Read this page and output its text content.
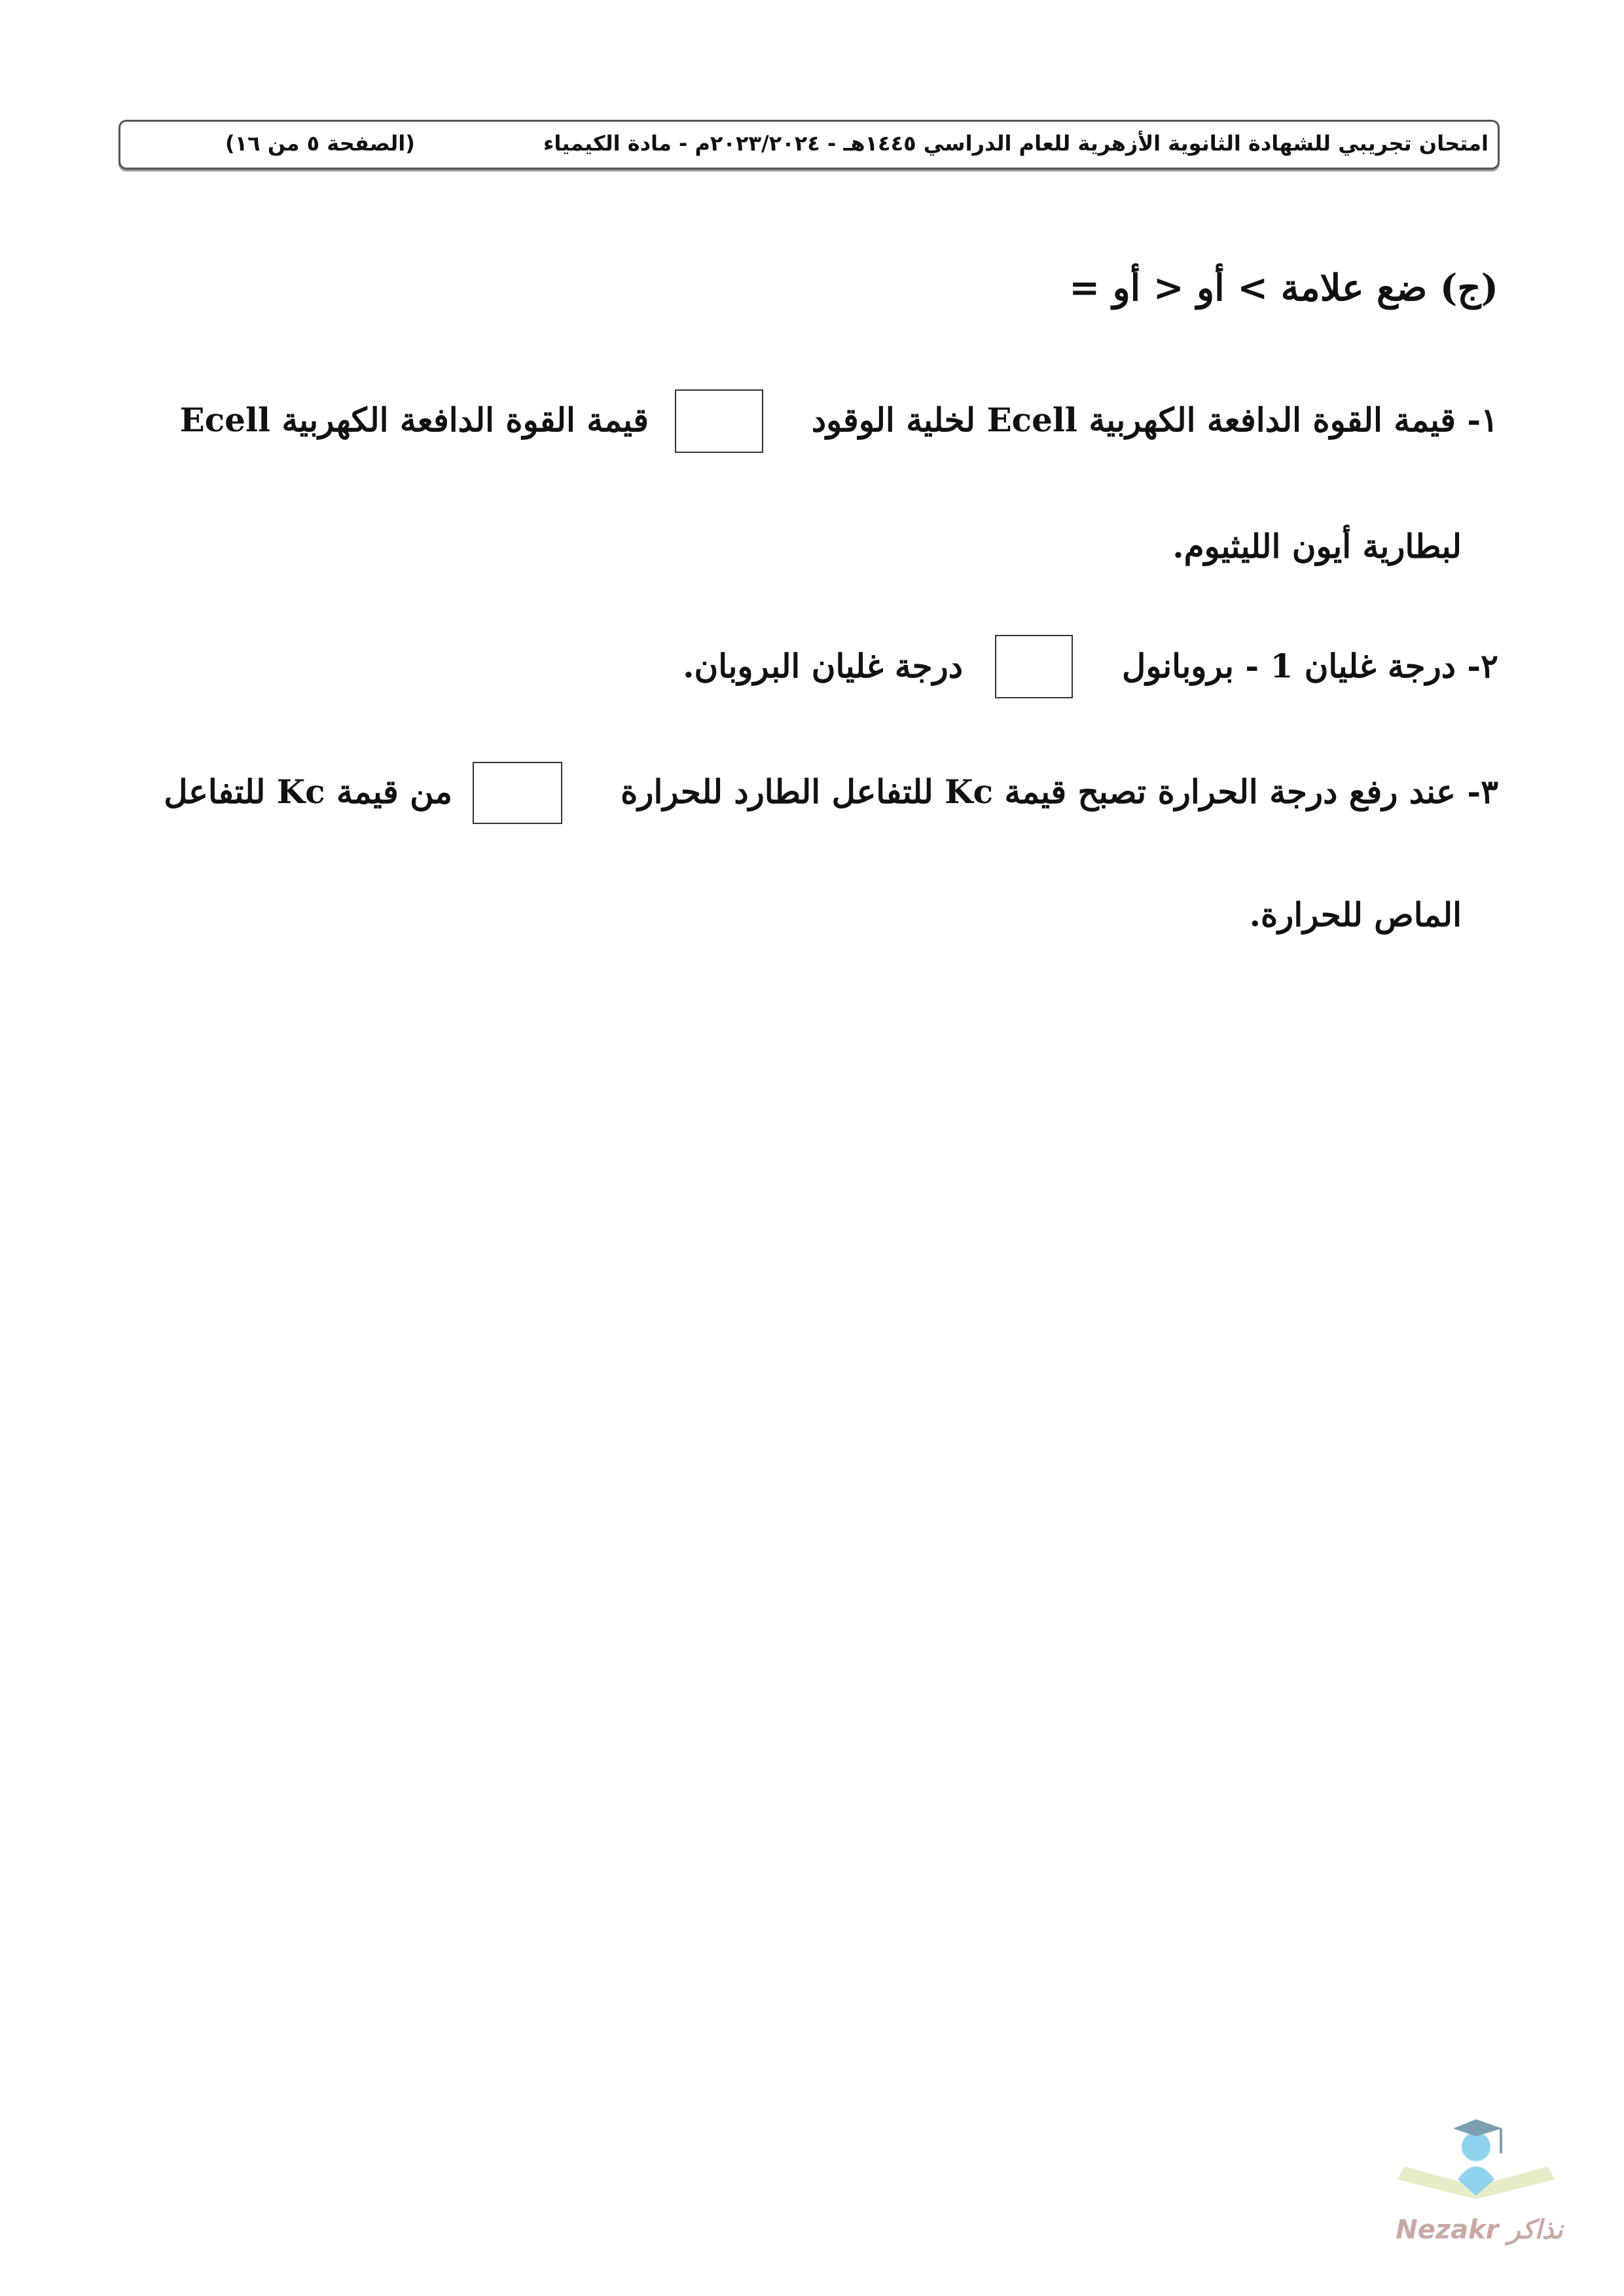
امتحان تجريبي للشهادة الثانوية الأزهرية للعام الدراسي ١٤٤٥هـ - ٢٠٢٣/٢٠٢٤م - مادة الكيمياء
(الصفحة ٥ من ١٦)
(ج) ضع علامة > أو < أو =
١- قيمة القوة الدافعة الكهربية Ecell لخلية الوقود
قيمة القوة الدافعة الكهربية Ecell
لبطارية أيون الليثيوم.
٢- درجة غليان 1 - بروبانول
درجة غليان البروبان.
٣- عند رفع درجة الحرارة تصبح قيمة Kc للتفاعل الطارد للحرارة
من قيمة Kc للتفاعل
الماص للحرارة.
Nezakr نذاكر
